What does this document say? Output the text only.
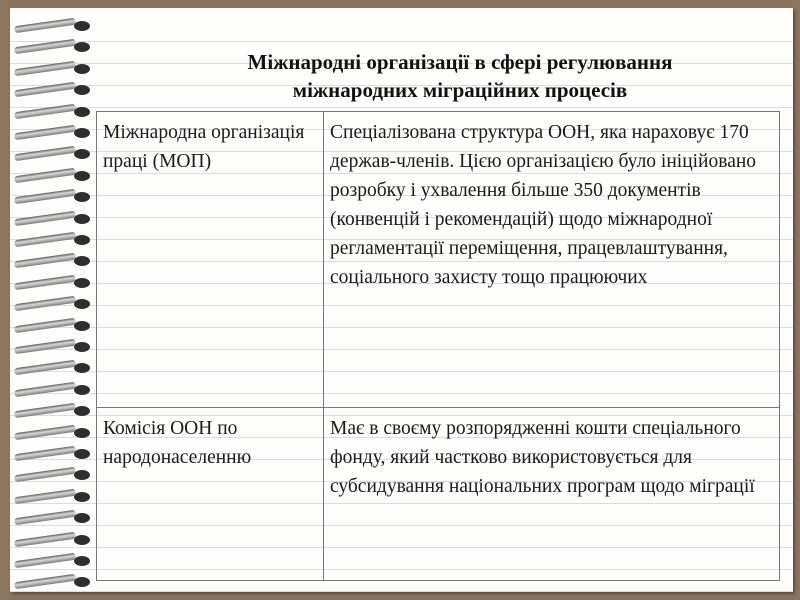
Міжнародні організації в сфері регулювання
міжнародних міграційних процесів
Міжнародна організація праці (МОП)	Спеціалізована структура ООН, яка нараховує 170 держав-членів. Цією організацією було ініційовано розробку і ухвалення більше 350 документів (конвенцій і рекомендацій) щодо міжнародної регламентації переміщення, працевлаштування, соціального захисту тощо працюючих
Комісія ООН по народонаселенню	Має в своєму розпорядженні кошти спеціального фонду, який частково використовується для субсидування національних програм щодо міграції
